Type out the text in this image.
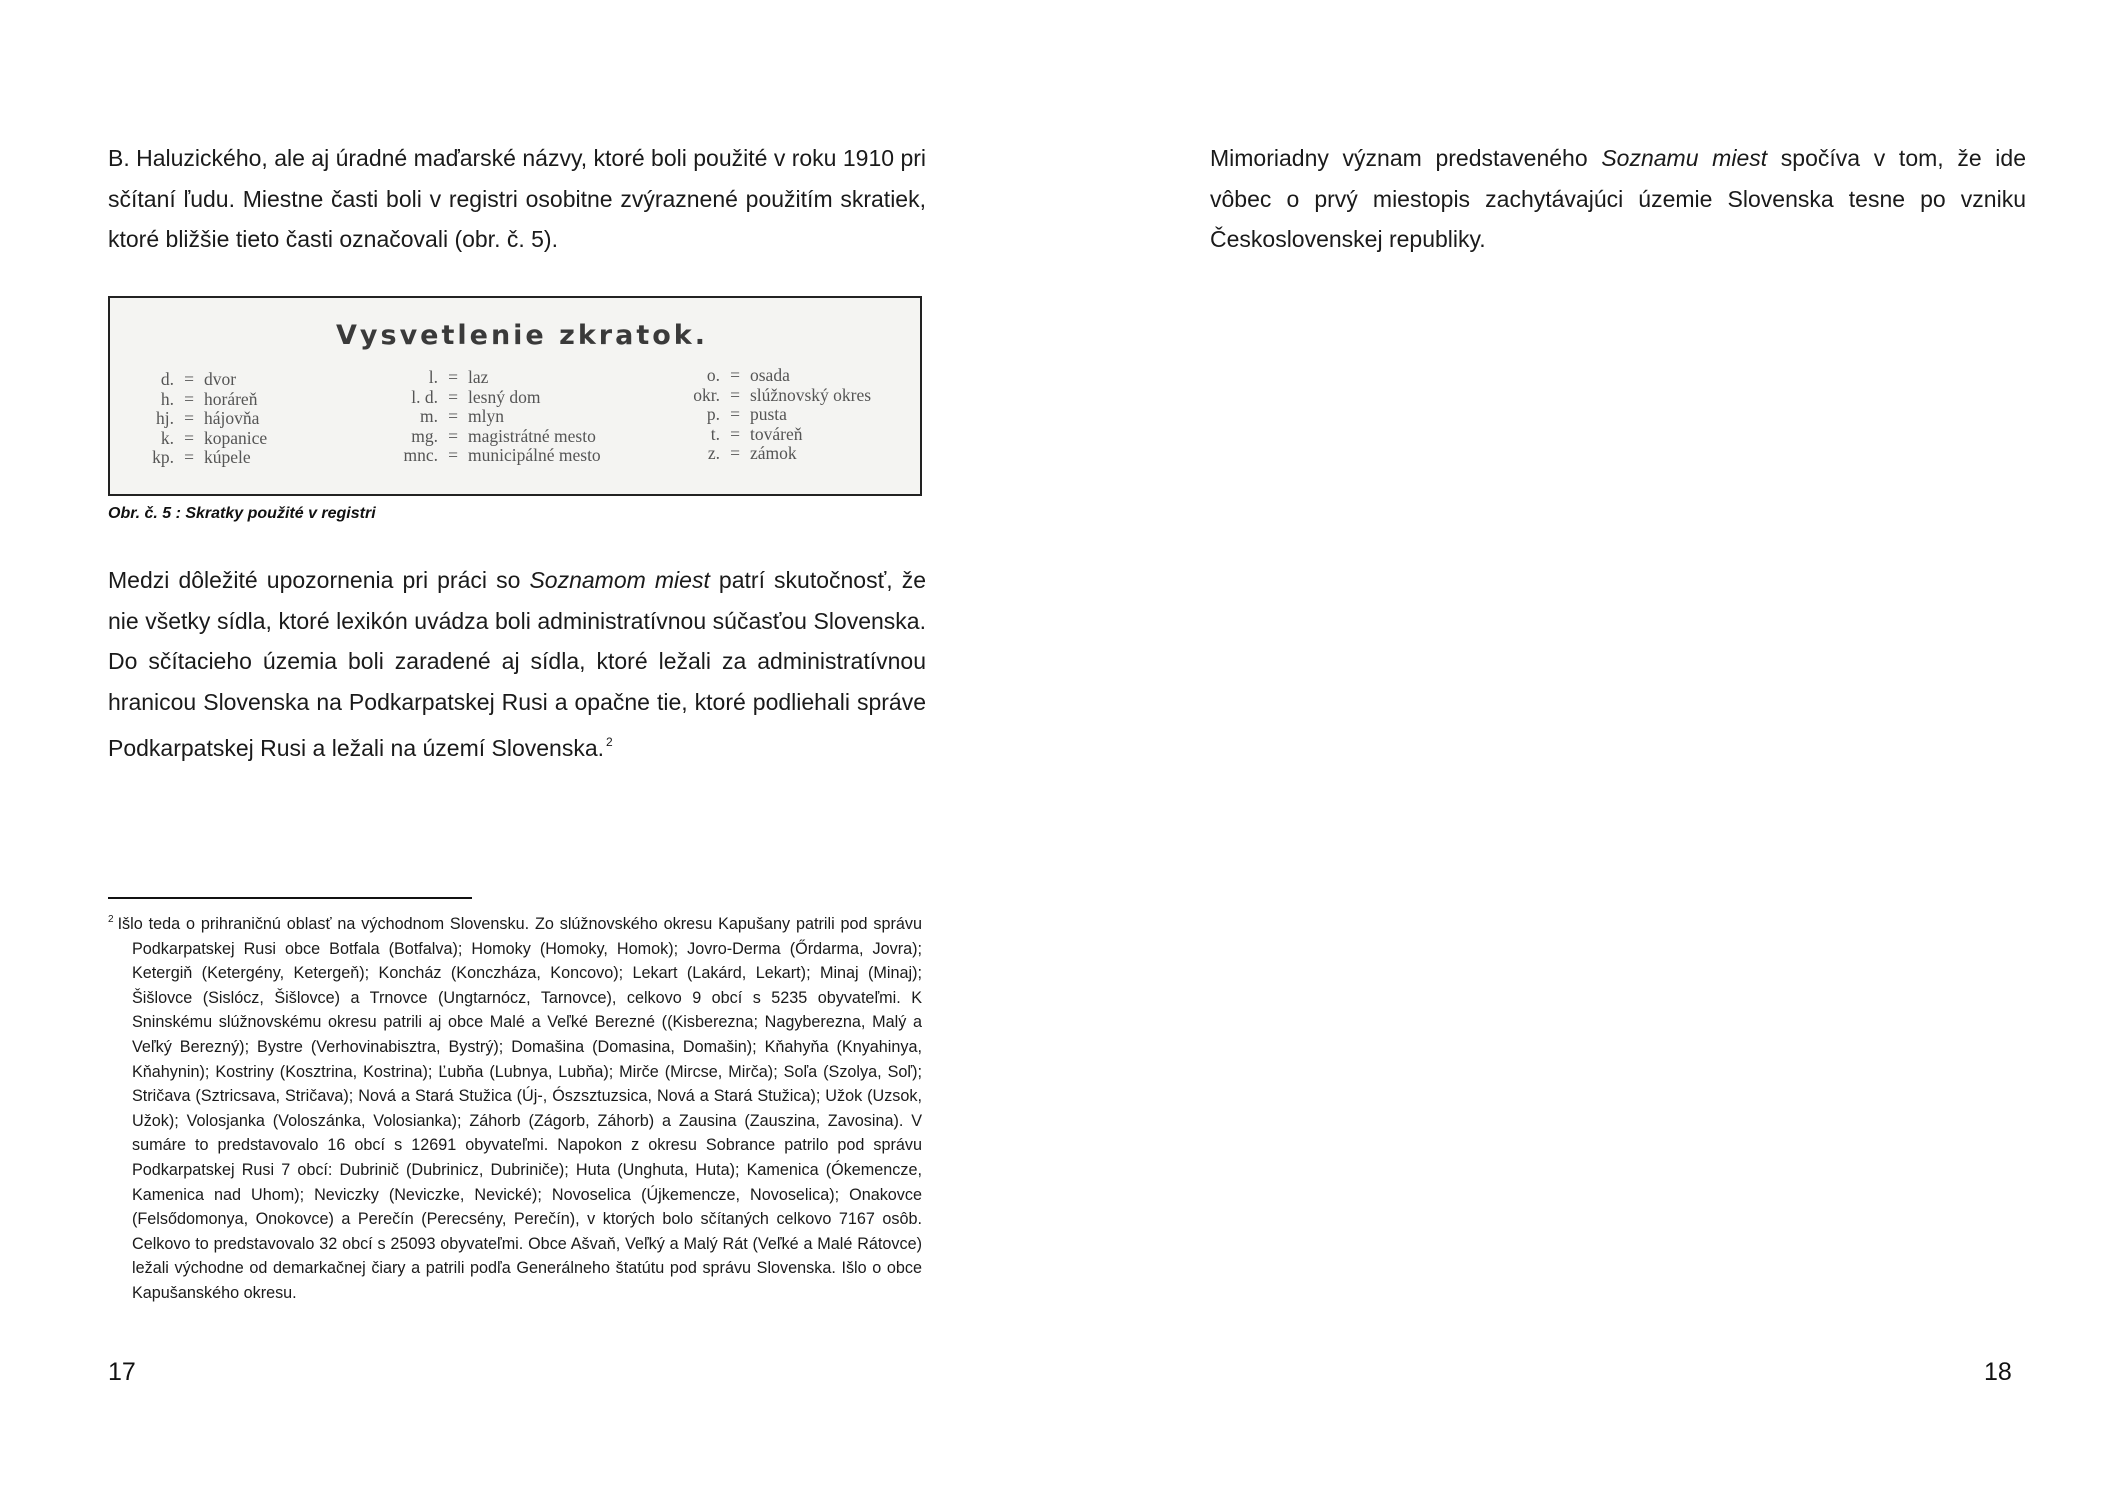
B. Haluzického, ale aj úradné maďarské názvy, ktoré boli použité v roku 1910 pri sčítaní ľudu. Miestne časti boli v registri osobitne zvýraznené použitím skratiek, ktoré bližšie tieto časti označovali (obr. č. 5).

Vysvetlenie zkratok.
d. = dvor
h. = horáreň
hj. = hájovňa
k. = kopanice
kp. = kúpele
l. = laz
l. d. = lesný dom
m. = mlyn
mg. = magistrátné mesto
mnc. = municipálné mesto
o. = osada
okr. = slúžnovský okres
p. = pusta
t. = továreň
z. = zámok
Obr. č. 5 : Skratky použité v registri

Medzi dôležité upozornenia pri práci so Soznamom miest patrí skutočnosť, že nie všetky sídla, ktoré lexikón uvádza boli administratívnou súčasťou Slovenska. Do sčítacieho územia boli zaradené aj sídla, ktoré ležali za administratívnou hranicou Slovenska na Podkarpatskej Rusi a opačne tie, ktoré podliehali správe Podkarpatskej Rusi a ležali na území Slovenska. $^2$

$^2$ Išlo teda o prihraničnú oblasť na východnom Slovensku. Zo slúžnovského okresu Kapušany patrili pod správu Podkarpatskej Rusi obce Botfala (Botfalva); Homoky (Homoky, Homok); Jovro-Derma (Őrdarma, Jovra); Ketergiň (Ketergény, Ketergeň); Koncház (Konczháza, Koncovo); Lekart (Lakárd, Lekart); Minaj (Minaj); Šišlovce (Sislócz, Šišlovce) a Trnovce (Ungtarnócz, Tarnovce), celkovo 9 obcí s 5235 obyvateľmi. K Sninskému slúžnovskému okresu patrili aj obce Malé a Veľké Berezné ((Kisberezna; Nagyberezna, Malý a Veľký Berezný); Bystre (Verhovinabisztra, Bystrý); Domašina (Domasina, Domašin); Kňahyňa (Knyahinya, Kňahynin); Kostriny (Kosztrina, Kostrina); Ľubňa (Lubnya, Lubňa); Mirče (Mircse, Mirča); Soľa (Szolya, Soľ); Stričava (Sztricsava, Stričava); Nová a Stará Stužica (Új-, Ószsztuzsica, Nová a Stará Stužica); Užok (Uzsok, Užok); Volosjanka (Voloszánka, Volosianka); Záhorb (Zágorb, Záhorb) a Zausina (Zauszina, Zavosina). V sumáre to predstavovalo 16 obcí s 12691 obyvateľmi. Napokon z okresu Sobrance patrilo pod správu Podkarpatskej Rusi 7 obcí: Dubrinič (Dubrinicz, Dubriniče); Huta (Unghuta, Huta); Kamenica (Ókemencze, Kamenica nad Uhom); Neviczky (Neviczke, Nevické); Novoselica (Újkemencze, Novoselica); Onakovce (Felsődomonya, Onokovce) a Perečín (Perecsény, Perečín), v ktorých bolo sčítaných celkovo 7167 osôb. Celkovo to predstavovalo 32 obcí s 25093 obyvateľmi. Obce Ašvaň, Veľký a Malý Rát (Veľké a Malé Rátovce) ležali východne od demarkačnej čiary a patrili podľa Generálneho štatútu pod správu Slovenska. Išlo o obce Kapušanského okresu.

17

Mimoriadny význam predstaveného Soznamu miest spočíva v tom, že ide vôbec o prvý miestopis zachytávajúci územie Slovenska tesne po vzniku Československej republiky.

18
